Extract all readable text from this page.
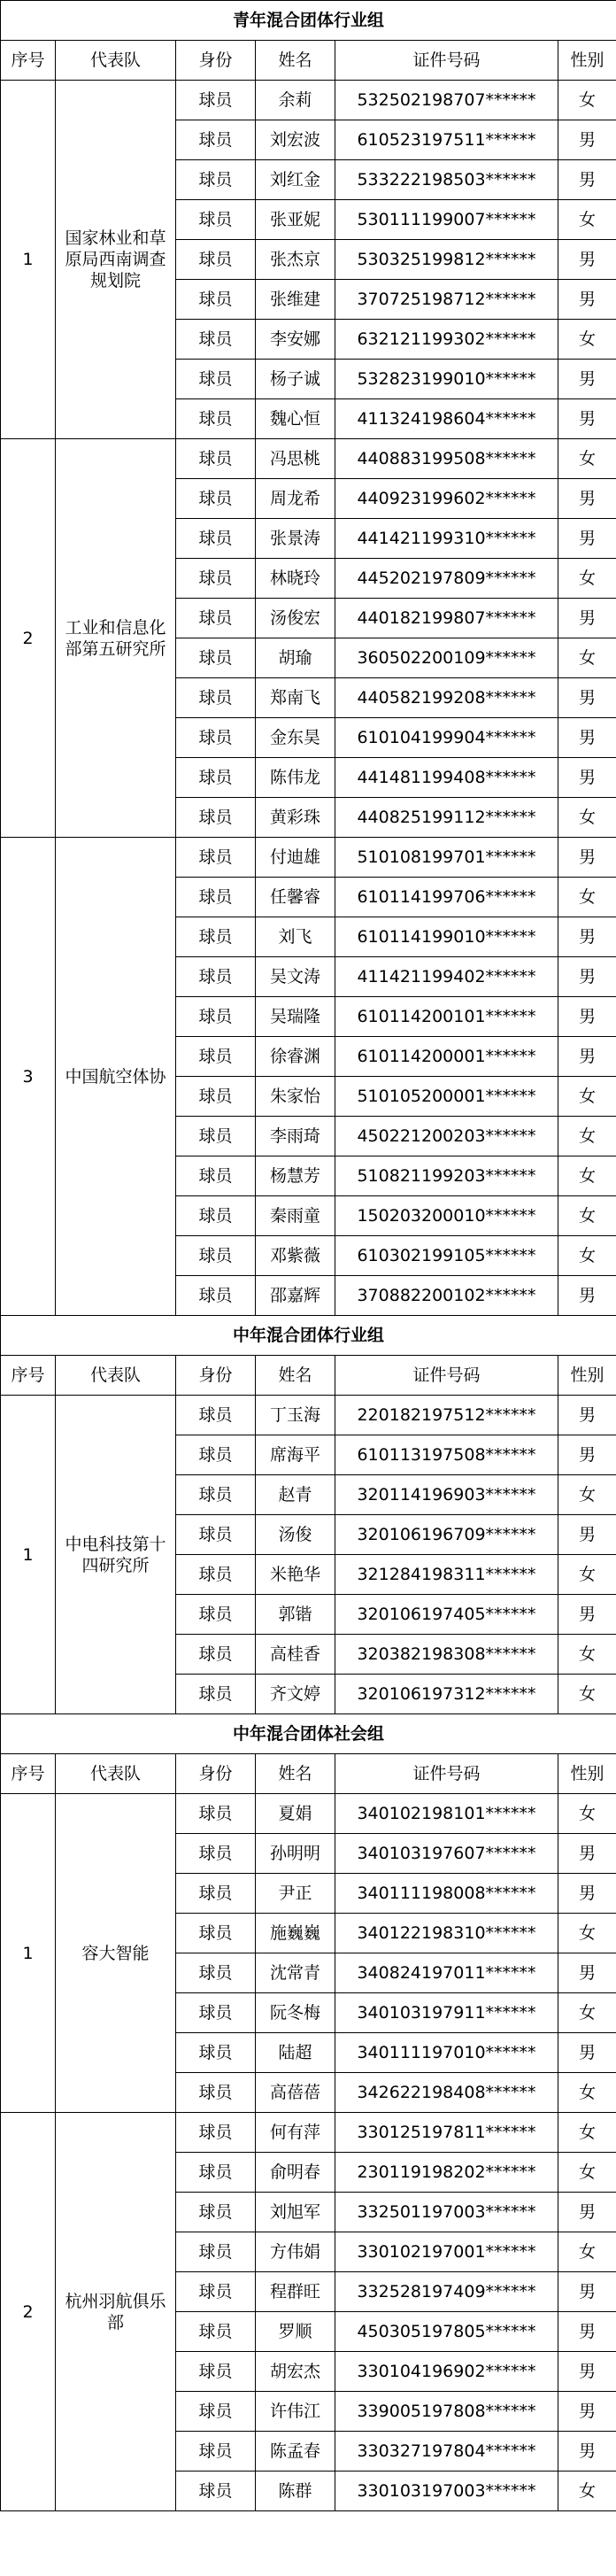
青年混合团体行业组					
序号	代表队	身份	姓名	证件号码	性别
1	国家林业和草原局西南调查规划院	球员	余莉	532502198707******	女
		球员	刘宏波	610523197511******	男
		球员	刘红金	533222198503******	男
		球员	张亚妮	530111199007******	女
		球员	张杰京	530325199812******	男
		球员	张维建	370725198712******	男
		球员	李安娜	632121199302******	女
		球员	杨子诚	532823199010******	男
		球员	魏心恒	411324198604******	男
2	工业和信息化部第五研究所	球员	冯思桃	440883199508******	女
		球员	周龙希	440923199602******	男
		球员	张景涛	441421199310******	男
		球员	林晓玲	445202197809******	女
		球员	汤俊宏	440182199807******	男
		球员	胡瑜	360502200109******	女
		球员	郑南飞	440582199208******	男
		球员	金东昊	610104199904******	男
		球员	陈伟龙	441481199408******	男
		球员	黄彩珠	440825199112******	女
3	中国航空体协	球员	付迪雄	510108199701******	男
		球员	任馨睿	610114199706******	女
		球员	刘飞	610114199010******	男
		球员	吴文涛	411421199402******	男
		球员	吴瑞隆	610114200101******	男
		球员	徐睿渊	610114200001******	男
		球员	朱家怡	510105200001******	女
		球员	李雨琦	450221200203******	女
		球员	杨慧芳	510821199203******	女
		球员	秦雨童	150203200010******	女
		球员	邓紫薇	610302199105******	女
		球员	邵嘉辉	370882200102******	男
中年混合团体行业组					
序号	代表队	身份	姓名	证件号码	性别
1	中电科技第十四研究所	球员	丁玉海	220182197512******	男
		球员	席海平	610113197508******	男
		球员	赵青	320114196903******	女
		球员	汤俊	320106196709******	男
		球员	米艳华	321284198311******	女
		球员	郭锴	320106197405******	男
		球员	高桂香	320382198308******	女
		球员	齐文婷	320106197312******	女
中年混合团体社会组					
序号	代表队	身份	姓名	证件号码	性别
1	容大智能	球员	夏娟	340102198101******	女
		球员	孙明明	340103197607******	男
		球员	尹正	340111198008******	男
		球员	施巍巍	340122198310******	女
		球员	沈常青	340824197011******	男
		球员	阮冬梅	340103197911******	女
		球员	陆超	340111197010******	男
		球员	高蓓蓓	342622198408******	女
2	杭州羽航俱乐部	球员	何有萍	330125197811******	女
		球员	俞明春	230119198202******	女
		球员	刘旭军	332501197003******	男
		球员	方伟娟	330102197001******	女
		球员	程群旺	332528197409******	男
		球员	罗顺	450305197805******	男
		球员	胡宏杰	330104196902******	男
		球员	许伟江	339005197808******	男
		球员	陈孟春	330327197804******	男
		球员	陈群	330103197003******	女
